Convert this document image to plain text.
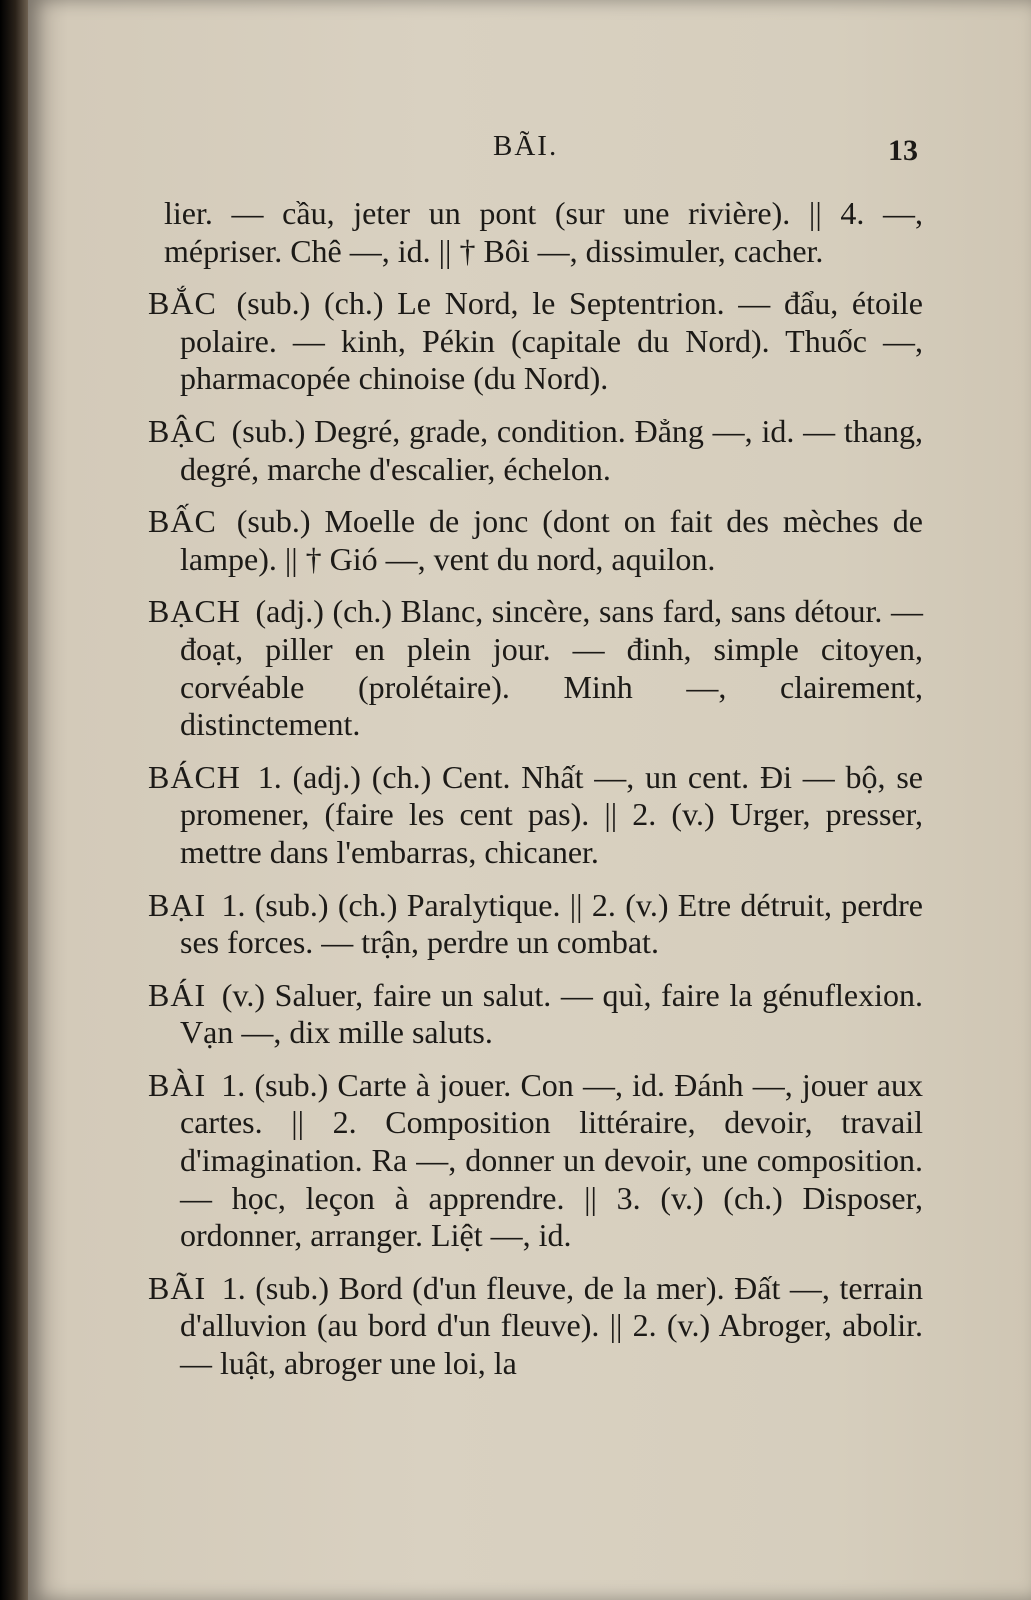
BÃI.	13

lier. — cầu, jeter un pont (sur une rivière). || 4. —, mépriser. Chê —, id. || † Bôi —, dissimuler, cacher.

BẮC (sub.) (ch.) Le Nord, le Septentrion. — đẩu, étoile polaire. — kinh, Pékin (capitale du Nord). Thuốc —, pharmacopée chinoise (du Nord).

BẬC (sub.) Degré, grade, condition. Đẳng —, id. — thang, degré, marche d'escalier, échelon.

BẤC (sub.) Moelle de jonc (dont on fait des mèches de lampe). || † Gió —, vent du nord, aquilon.

BẠCH (adj.) (ch.) Blanc, sincère, sans fard, sans détour. — đoạt, piller en plein jour. — đinh, simple citoyen, corvéable (prolétaire). Minh —, clairement, distinctement.

BÁCH 1. (adj.) (ch.) Cent. Nhất —, un cent. Đi — bộ, se promener, (faire les cent pas). || 2. (v.) Urger, presser, mettre dans l'embarras, chicaner.

BẠI 1. (sub.) (ch.) Paralytique. || 2. (v.) Etre détruit, perdre ses forces. — trận, perdre un combat.

BÁI (v.) Saluer, faire un salut. — quì, faire la génuflexion. Vạn —, dix mille saluts.

BÀI 1. (sub.) Carte à jouer. Con —, id. Đánh —, jouer aux cartes. || 2. Composition littéraire, devoir, travail d'imagination. Ra —, donner un devoir, une composition. — học, leçon à apprendre. || 3. (v.) (ch.) Disposer, ordonner, arranger. Liệt —, id.

BÃI 1. (sub.) Bord (d'un fleuve, de la mer). Đất —, terrain d'alluvion (au bord d'un fleuve). || 2. (v.) Abroger, abolir. — luật, abroger une loi, la
